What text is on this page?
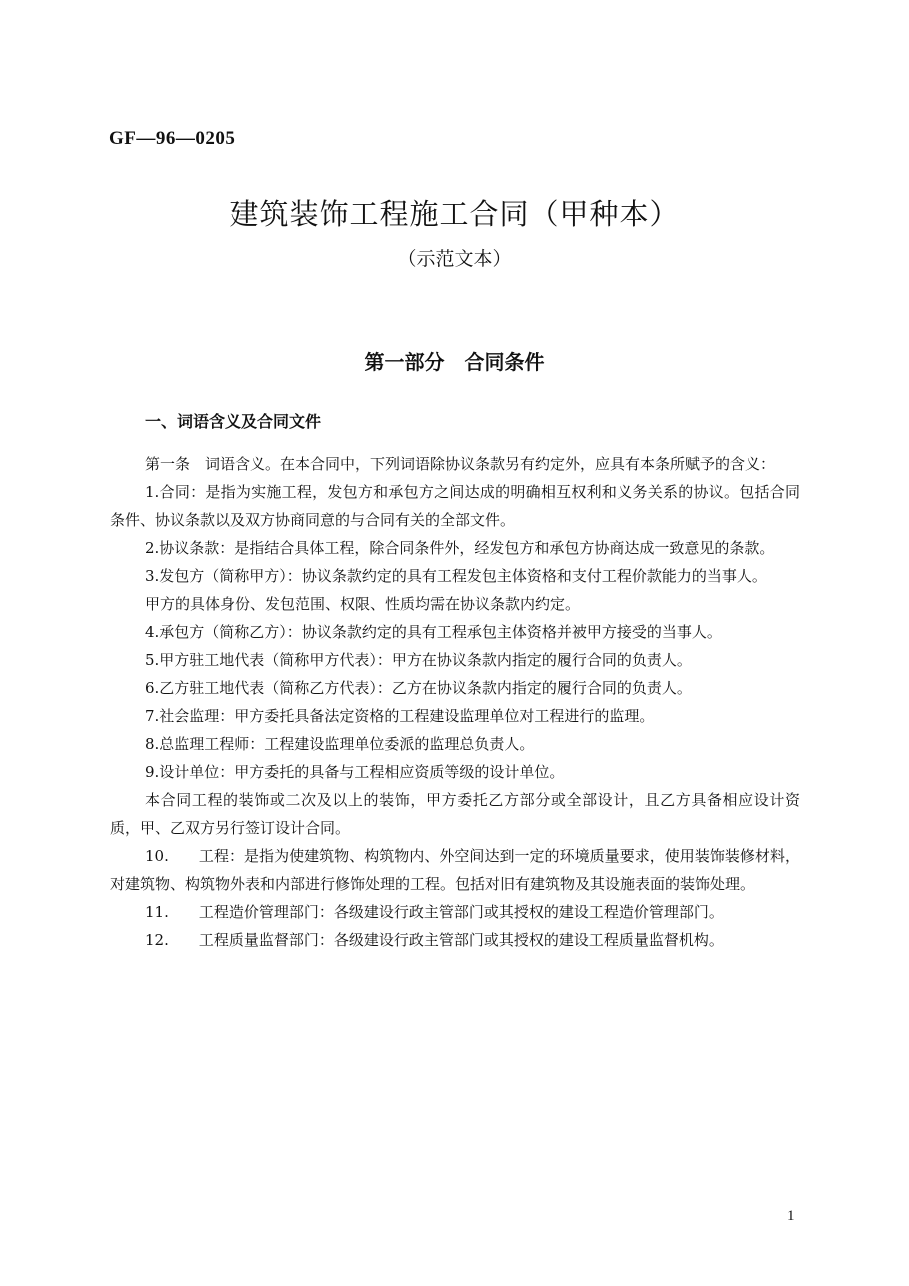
GF—96—0205
建筑装饰工程施工合同（甲种本）
（示范文本）
第一部分　合同条件
一、词语含义及合同文件

第一条　词语含义。在本合同中，下列词语除协议条款另有约定外，应具有本条所赋予的含义：

1.合同：是指为实施工程，发包方和承包方之间达成的明确相互权利和义务关系的协议。包括合同条件、协议条款以及双方协商同意的与合同有关的全部文件。

2.协议条款：是指结合具体工程，除合同条件外，经发包方和承包方协商达成一致意见的条款。

3.发包方（简称甲方）：协议条款约定的具有工程发包主体资格和支付工程价款能力的当事人。

甲方的具体身份、发包范围、权限、性质均需在协议条款内约定。

4.承包方（简称乙方）：协议条款约定的具有工程承包主体资格并被甲方接受的当事人。

5.甲方驻工地代表（简称甲方代表）：甲方在协议条款内指定的履行合同的负责人。

6.乙方驻工地代表（简称乙方代表）：乙方在协议条款内指定的履行合同的负责人。

7.社会监理：甲方委托具备法定资格的工程建设监理单位对工程进行的监理。

8.总监理工程师：工程建设监理单位委派的监理总负责人。

9.设计单位：甲方委托的具备与工程相应资质等级的设计单位。

本合同工程的装饰或二次及以上的装饰，甲方委托乙方部分或全部设计，且乙方具备相应设计资质，甲、乙双方另行签订设计合同。

10.　　工程：是指为使建筑物、构筑物内、外空间达到一定的环境质量要求，使用装饰装修材料，对建筑物、构筑物外表和内部进行修饰处理的工程。包括对旧有建筑物及其设施表面的装饰处理。

11.　　工程造价管理部门：各级建设行政主管部门或其授权的建设工程造价管理部门。

12.　　工程质量监督部门：各级建设行政主管部门或其授权的建设工程质量监督机构。

1
